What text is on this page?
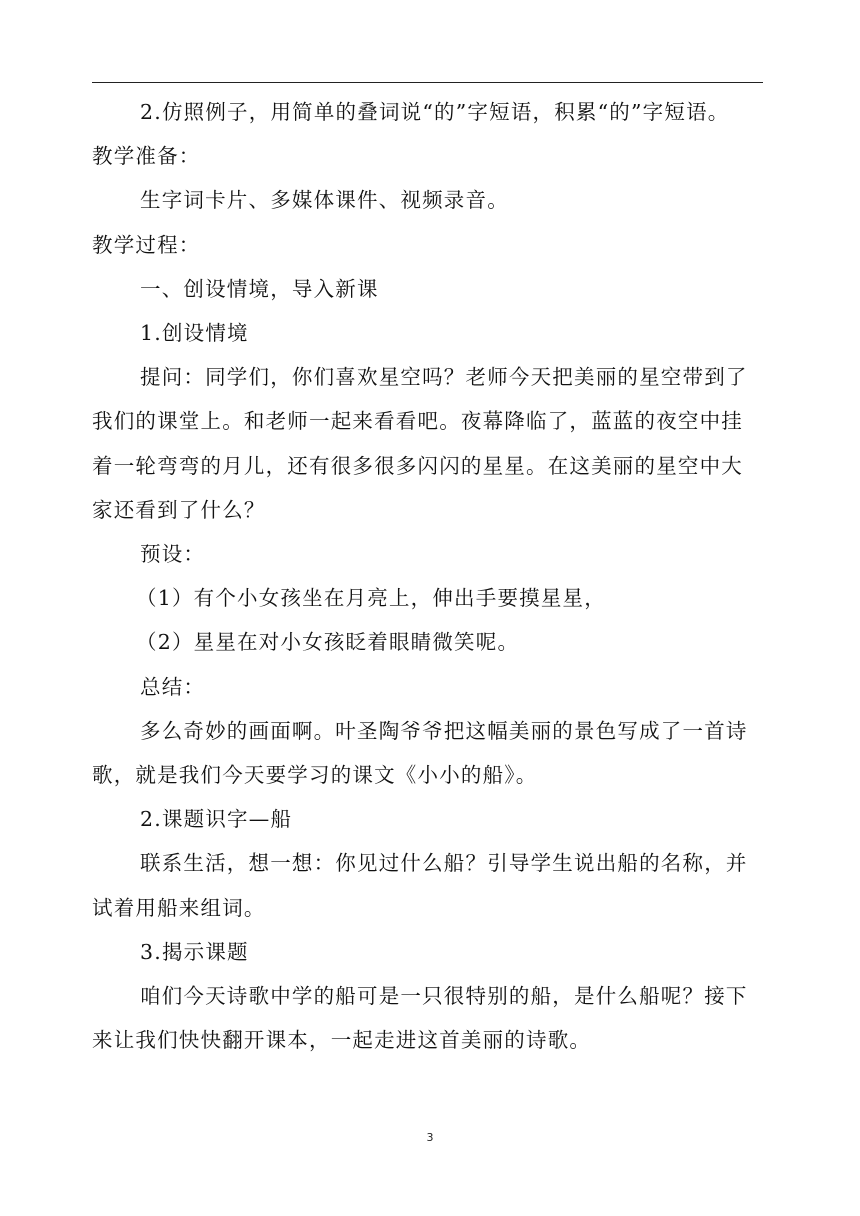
2.仿照例子，用简单的叠词说“的”字短语，积累“的”字短语。

教学准备：

生字词卡片、多媒体课件、视频录音。

教学过程：

一、创设情境，导入新课

1.创设情境

提问：同学们，你们喜欢星空吗？老师今天把美丽的星空带到了我们的课堂上。和老师一起来看看吧。夜幕降临了，蓝蓝的夜空中挂着一轮弯弯的月儿，还有很多很多闪闪的星星。在这美丽的星空中大家还看到了什么？

预设：

（1）有个小女孩坐在月亮上，伸出手要摸星星，

（2）星星在对小女孩眨着眼睛微笑呢。

总结：

多么奇妙的画面啊。叶圣陶爷爷把这幅美丽的景色写成了一首诗歌，就是我们今天要学习的课文《小小的船》。

2.课题识字—船

联系生活，想一想：你见过什么船？引导学生说出船的名称，并试着用船来组词。

3.揭示课题

咱们今天诗歌中学的船可是一只很特别的船，是什么船呢？接下来让我们快快翻开课本，一起走进这首美丽的诗歌。

3
